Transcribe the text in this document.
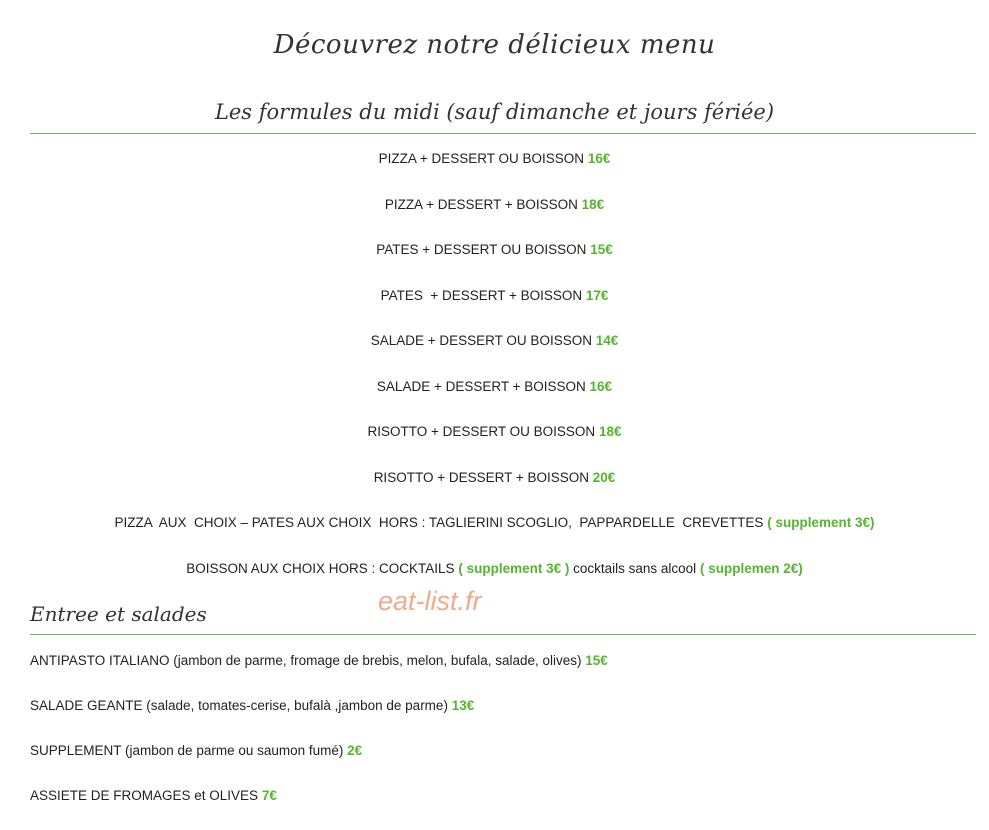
Découvrez notre délicieux menu
Les formules du midi (sauf dimanche et jours fériée)
PIZZA + DESSERT OU BOISSON 16€
PIZZA + DESSERT + BOISSON 18€
PATES + DESSERT OU BOISSON 15€
PATES  + DESSERT + BOISSON 17€
SALADE + DESSERT OU BOISSON 14€
SALADE + DESSERT + BOISSON 16€
RISOTTO + DESSERT OU BOISSON 18€
RISOTTO + DESSERT + BOISSON 20€
PIZZA  AUX  CHOIX – PATES AUX CHOIX  HORS : TAGLIERINI SCOGLIO,  PAPPARDELLE  CREVETTES ( supplement 3€)
BOISSON AUX CHOIX HORS : COCKTAILS ( supplement 3€ ) cocktails sans alcool ( supplemen 2€)
Entree et salades	eat-list.fr
ANTIPASTO ITALIANO (jambon de parme, fromage de brebis, melon, bufala, salade, olives) 15€
SALADE GEANTE (salade, tomates-cerise, bufalà ,jambon de parme) 13€
SUPPLEMENT (jambon de parme ou saumon fumé) 2€
ASSIETE DE FROMAGES et OLIVES 7€
